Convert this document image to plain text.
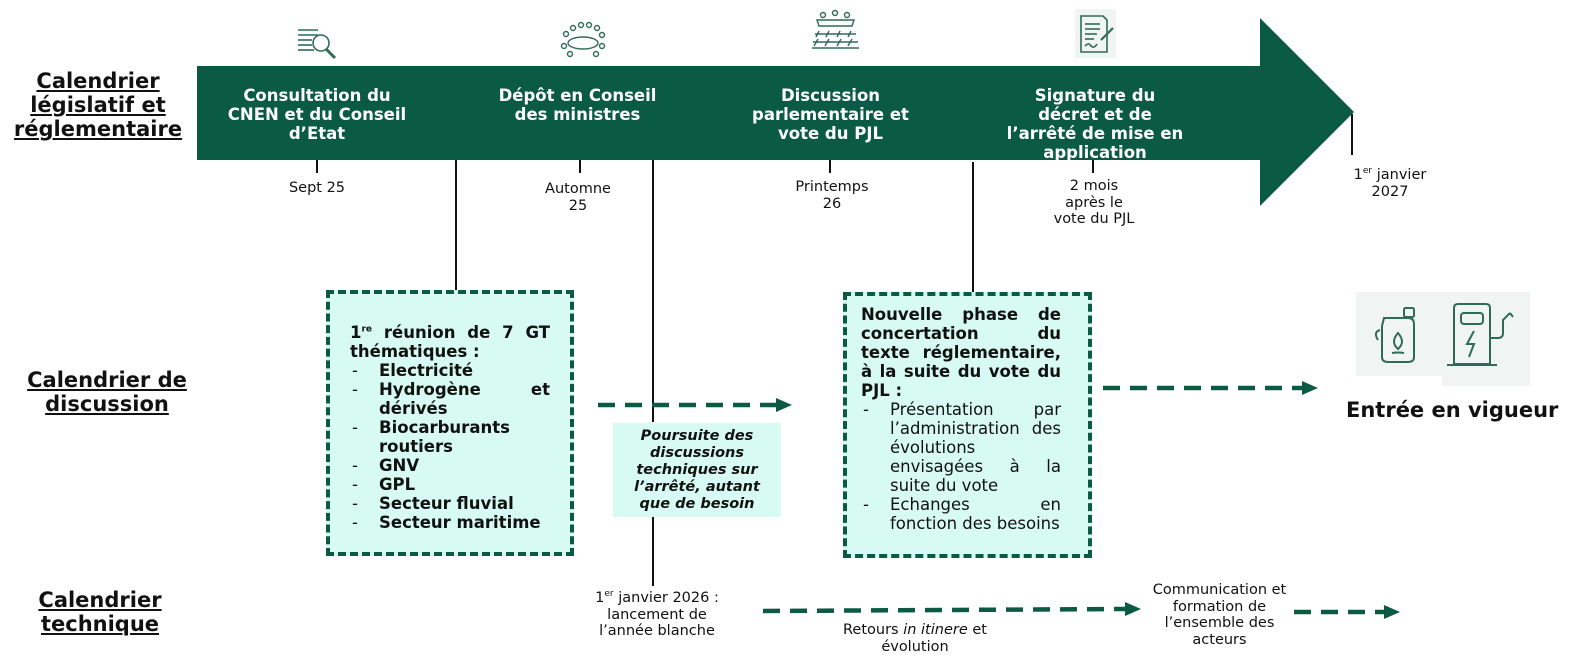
Calendrier
législatif et
réglementaire
Calendrier de
discussion
Calendrier
technique
Consultation du
CNEN et du Conseil
d’Etat
Dépôt en Conseil
des ministres
Discussion
parlementaire et
vote du PJL
Signature du
décret et de
l’arrêté de mise en
application
Sept 25	Automne
25
Printemps
26
2 mois
après le
vote du PJL
1er janvier
2027
1re réunion de 7 GT thématiques :
- Electricité
- Hydrogène et dérivés
- Biocarburants routiers
- GNV
- GPL
- Secteur fluvial
- Secteur maritime
Poursuite des discussions techniques sur l’arrêté, autant que de besoin
Nouvelle phase de concertation du texte réglementaire, à la suite du vote du PJL :
- Présentation par l’administration des évolutions envisagées à la suite du vote
- Echanges en fonction des besoins
Entrée en vigueur
1er janvier 2026 :
lancement de
l’année blanche	Retours in itinere et
évolution
Communication et
formation de
l’ensemble des
acteurs
